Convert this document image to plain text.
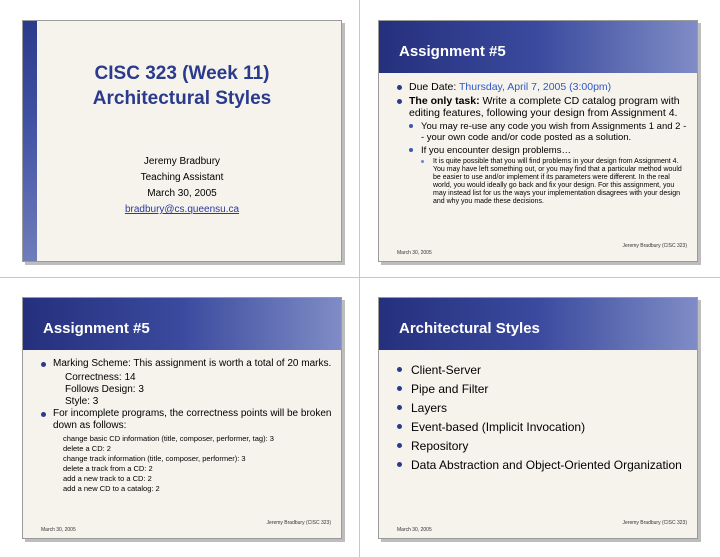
CISC 323 (Week 11)
Architectural Styles
Jeremy Bradbury
Teaching Assistant
March 30, 2005
bradbury@cs.queensu.ca
Assignment #5
Due Date: Thursday, April 7, 2005 (3:00pm)
The only task: Write a complete CD catalog program with editing features, following your design from Assignment 4.
You may re-use any code you wish from Assignments 1 and 2 -- your own code and/or code posted as a solution.
If you encounter design problems…
It is quite possible that you will find problems in your design from Assignment 4. You may have left something out, or you may find that a particular method would be easier to use and/or implement if its parameters were different. In the real world, you would ideally go back and fix your design. For this assignment, you may instead list for us the ways your implementation disagrees with your design and why you made these decisions.
Jeremy Bradbury (CISC 323)
March 30, 2005
Assignment #5
Marking Scheme: This assignment is worth a total of 20 marks.
Correctness: 14
Follows Design: 3
Style: 3
For incomplete programs, the correctness points will be broken down as follows:
change basic CD information (title, composer, performer, tag): 3
delete a CD: 2
change track information (title, composer, performer): 3
delete a track from a CD: 2
add a new track to a CD: 2
add a new CD to a catalog: 2
Jeremy Bradbury (CISC 323)
March 30, 2005
Architectural Styles
Client-Server
Pipe and Filter
Layers
Event-based (Implicit Invocation)
Repository
Data Abstraction and Object-Oriented Organization
Jeremy Bradbury (CISC 323)
March 30, 2005
